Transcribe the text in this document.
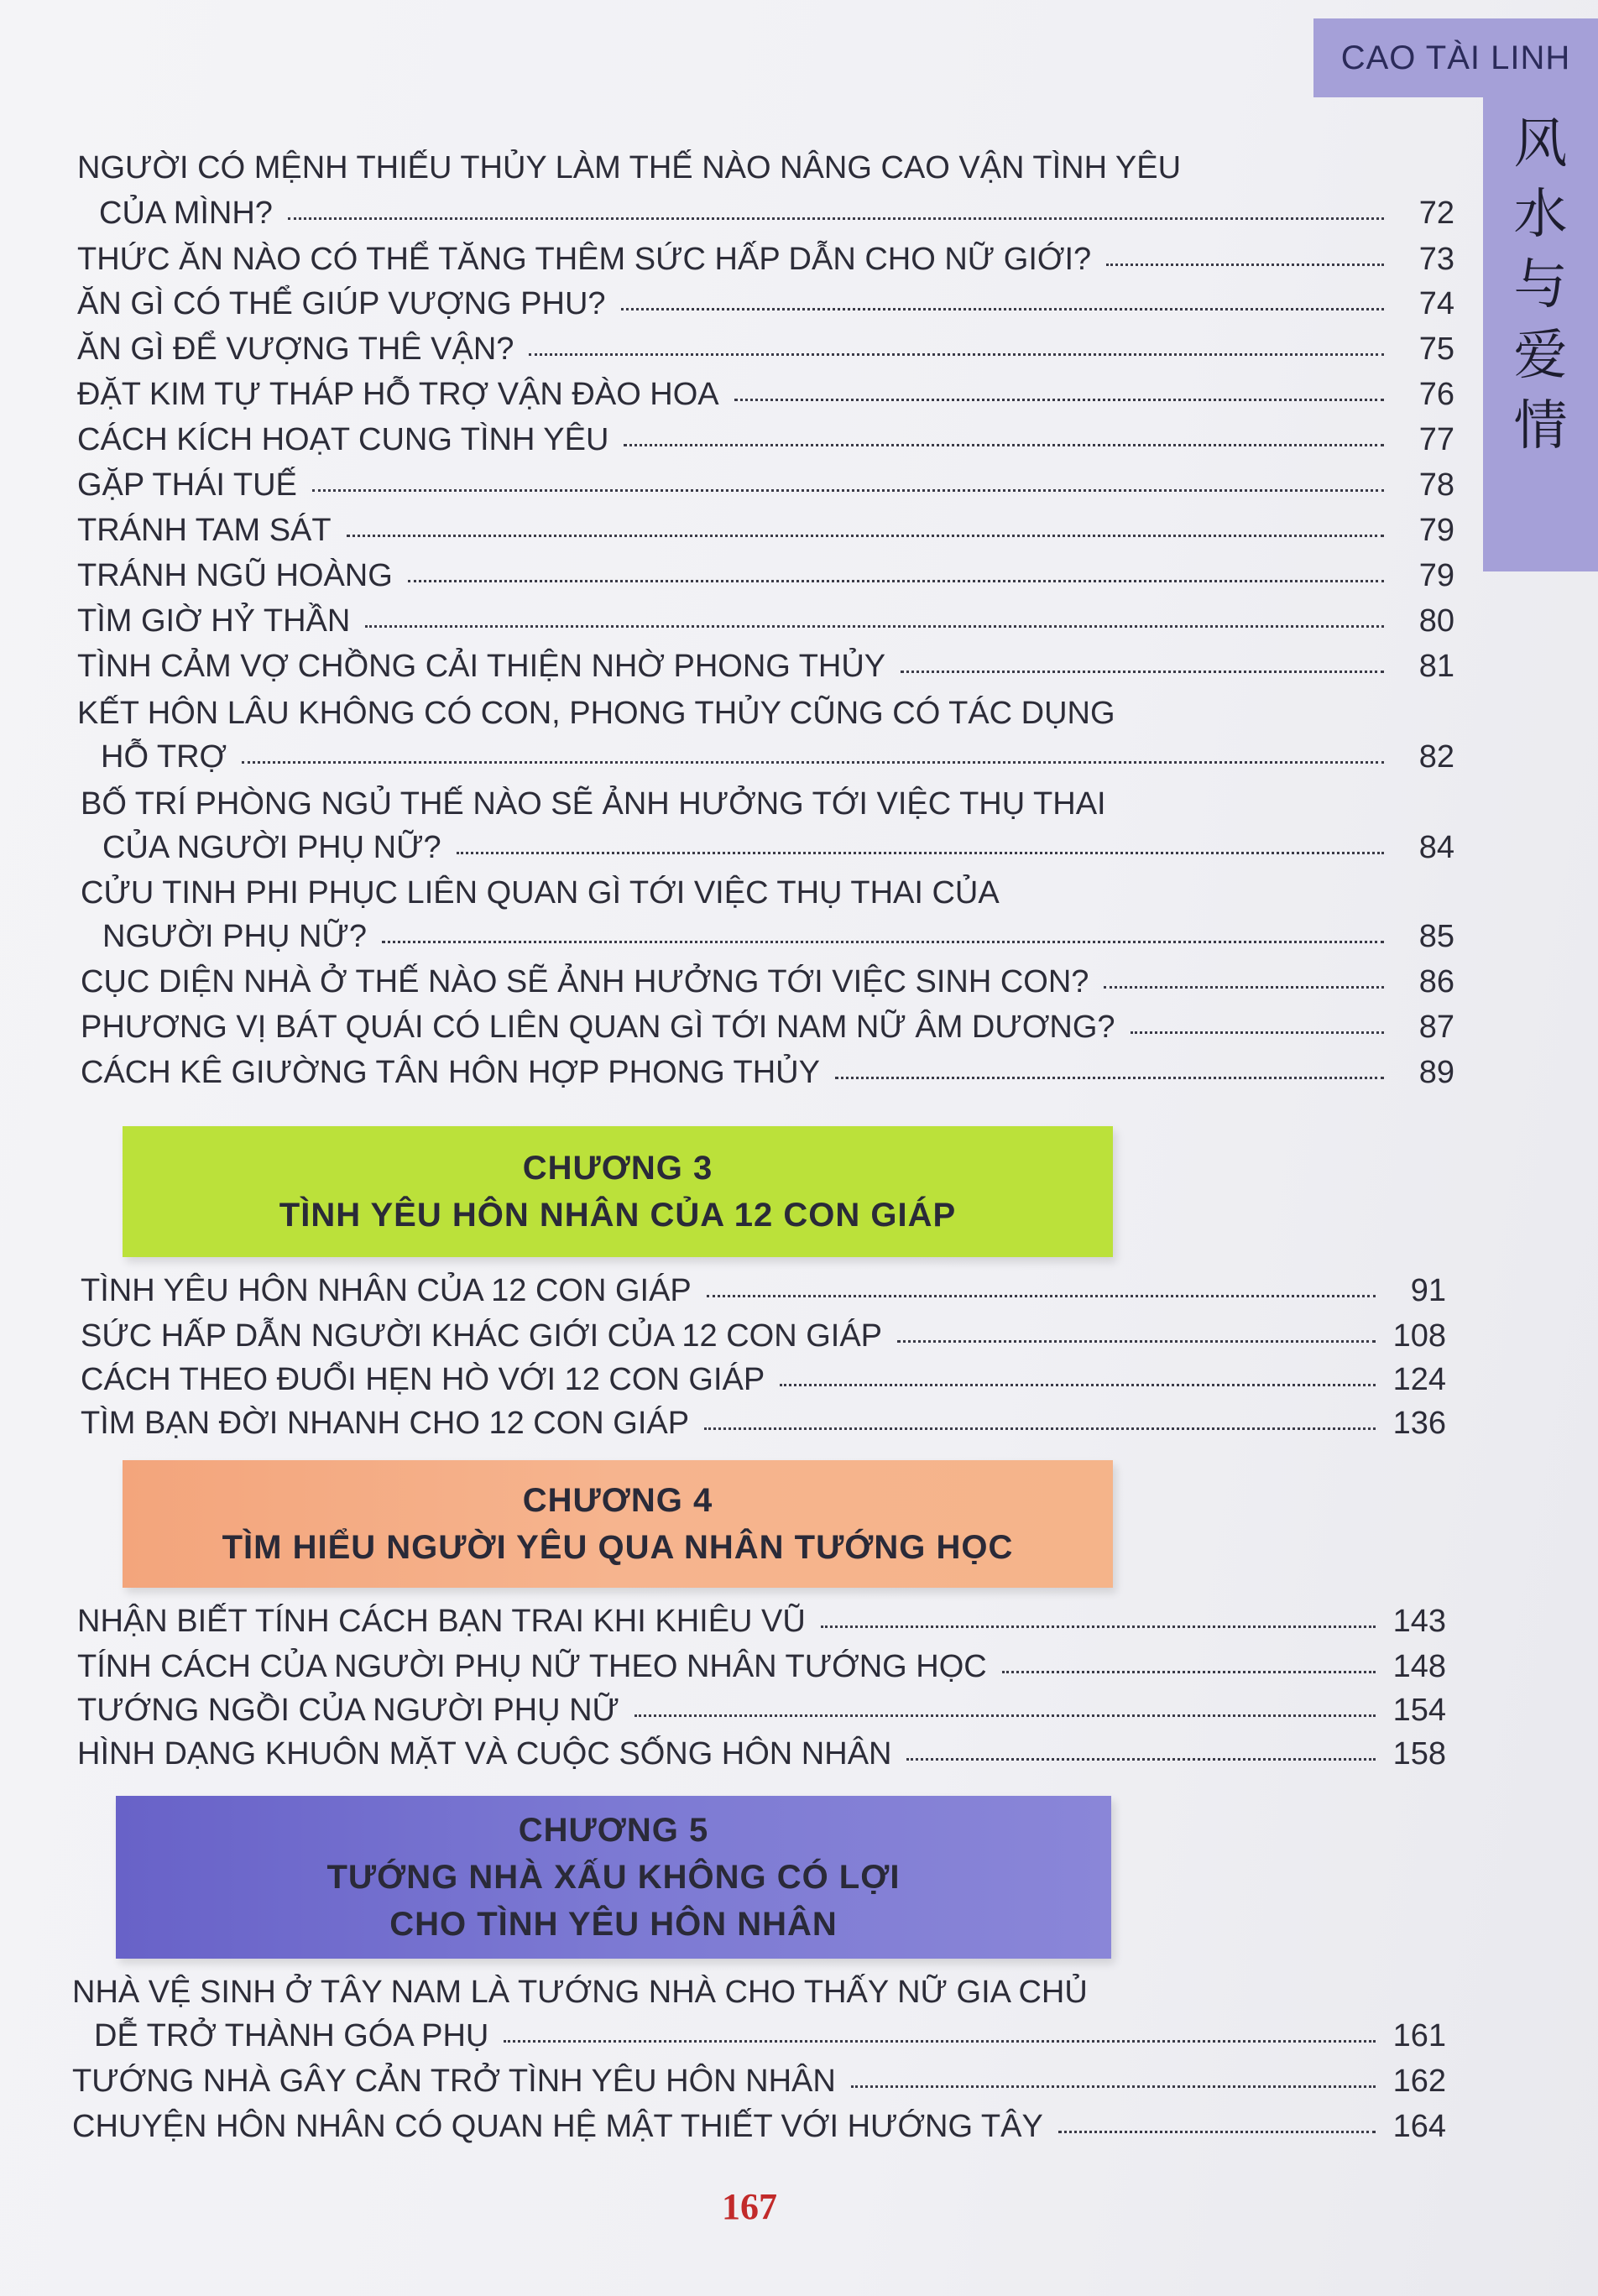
CAO TÀI LINH
风
水
与
爱
情
NGƯỜI CÓ MỆNH THIẾU THỦY LÀM THẾ NÀO NÂNG CAO VẬN TÌNH YÊU
CỦA MÌNH?	72
THỨC ĂN NÀO CÓ THỂ TĂNG THÊM SỨC HẤP DẪN CHO NỮ GIỚI?	73
ĂN GÌ CÓ THỂ GIÚP VƯỢNG PHU?	74
ĂN GÌ ĐỂ VƯỢNG THÊ VẬN?	75
ĐẶT KIM TỰ THÁP HỖ TRỢ VẬN ĐÀO HOA	76
CÁCH KÍCH HOẠT CUNG TÌNH YÊU	77
GẶP THÁI TUẾ	78
TRÁNH TAM SÁT	79
TRÁNH NGŨ HOÀNG	79
TÌM GIỜ HỶ THẦN	80
TÌNH CẢM VỢ CHỒNG CẢI THIỆN NHỜ PHONG THỦY	81
KẾT HÔN LÂU KHÔNG CÓ CON, PHONG THỦY CŨNG CÓ TÁC DỤNG
HỖ TRỢ	82
BỐ TRÍ PHÒNG NGỦ THẾ NÀO SẼ ẢNH HƯỞNG TỚI VIỆC THỤ THAI
CỦA NGƯỜI PHỤ NỮ?	84
CỬU TINH PHI PHỤC LIÊN QUAN GÌ TỚI VIỆC THỤ THAI CỦA
NGƯỜI PHỤ NỮ?	85
CỤC DIỆN NHÀ Ở THẾ NÀO SẼ ẢNH HƯỞNG TỚI VIỆC SINH CON?	86
PHƯƠNG VỊ BÁT QUÁI CÓ LIÊN QUAN GÌ TỚI NAM NỮ ÂM DƯƠNG?	87
CÁCH KÊ GIƯỜNG TÂN HÔN HỢP PHONG THỦY	89
CHƯƠNG 3
TÌNH YÊU HÔN NHÂN CỦA 12 CON GIÁP
TÌNH YÊU HÔN NHÂN CỦA 12 CON GIÁP	91
SỨC HẤP DẪN NGƯỜI KHÁC GIỚI CỦA 12 CON GIÁP	108
CÁCH THEO ĐUỔI HẸN HÒ VỚI 12 CON GIÁP	124
TÌM BẠN ĐỜI NHANH CHO 12 CON GIÁP	136
CHƯƠNG 4
TÌM HIỂU NGƯỜI YÊU QUA NHÂN TƯỚNG HỌC
NHẬN BIẾT TÍNH CÁCH BẠN TRAI KHI KHIÊU VŨ	143
TÍNH CÁCH CỦA NGƯỜI PHỤ NỮ THEO NHÂN TƯỚNG HỌC	148
TƯỚNG NGỒI CỦA NGƯỜI PHỤ NỮ	154
HÌNH DẠNG KHUÔN MẶT VÀ CUỘC SỐNG HÔN NHÂN	158
CHƯƠNG 5
TƯỚNG NHÀ XẤU KHÔNG CÓ LỢI
CHO TÌNH YÊU HÔN NHÂN
NHÀ VỆ SINH Ở TÂY NAM LÀ TƯỚNG NHÀ CHO THẤY NỮ GIA CHỦ
DỄ TRỞ THÀNH GÓA PHỤ	161
TƯỚNG NHÀ GÂY CẢN TRỞ TÌNH YÊU HÔN NHÂN	162
CHUYỆN HÔN NHÂN CÓ QUAN HỆ MẬT THIẾT VỚI HƯỚNG TÂY	164
167
